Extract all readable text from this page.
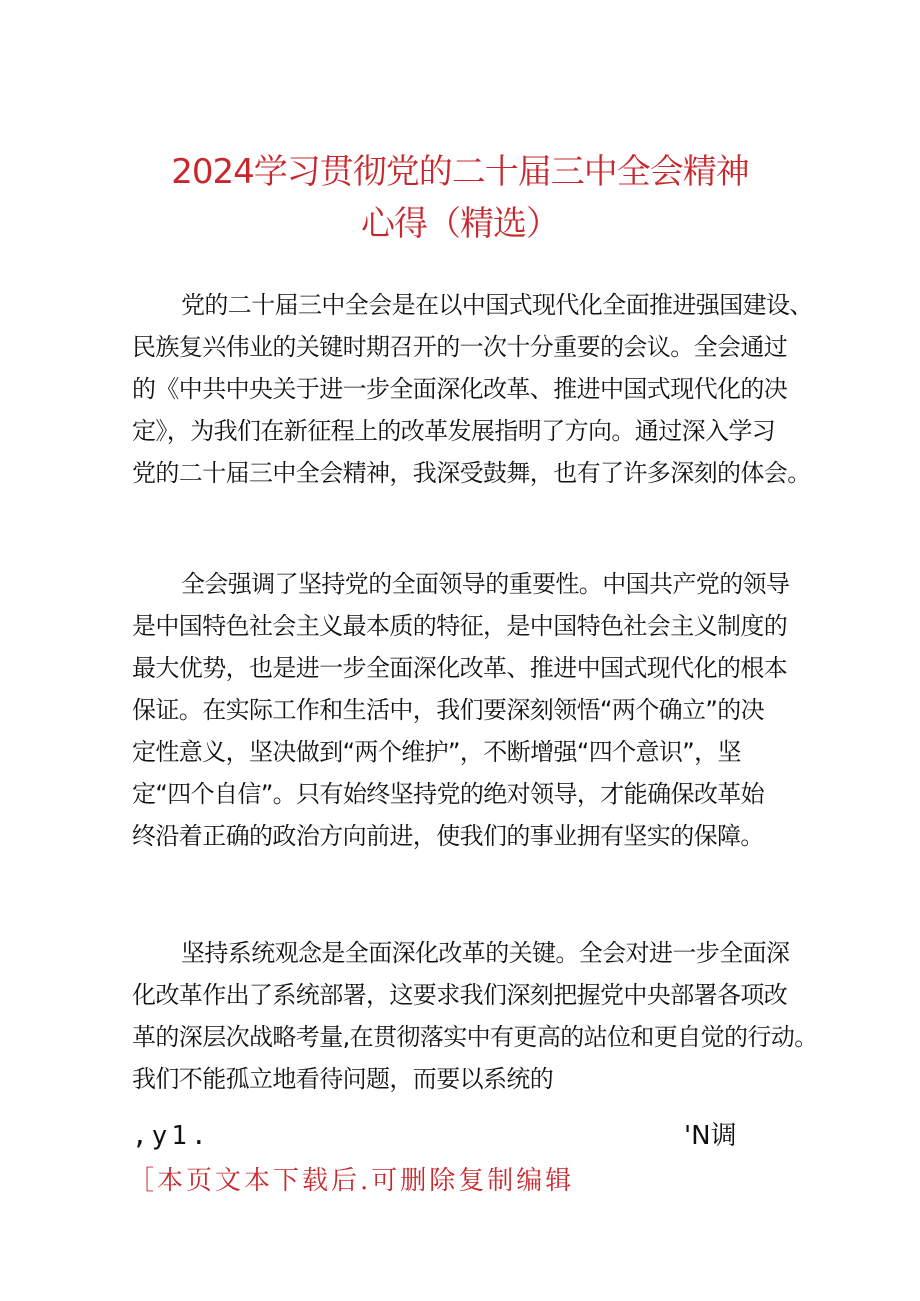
2024学习贯彻党的二十届三中全会精神
心得（精选）
党的二十届三中全会是在以中国式现代化全面推进强国建设、
民族复兴伟业的关键时期召开的一次十分重要的会议。全会通过
的《中共中央关于进一步全面深化改革、推进中国式现代化的决
定》，为我们在新征程上的改革发展指明了方向。通过深入学习
党的二十届三中全会精神，我深受鼓舞，也有了许多深刻的体会。
全会强调了坚持党的全面领导的重要性。中国共产党的领导
是中国特色社会主义最本质的特征，是中国特色社会主义制度的
最大优势，也是进一步全面深化改革、推进中国式现代化的根本
保证。在实际工作和生活中，我们要深刻领悟“两个确立”的决
定性意义，坚决做到“两个维护”，不断增强“四个意识”，坚
定“四个自信”。只有始终坚持党的绝对领导，才能确保改革始
终沿着正确的政治方向前进，使我们的事业拥有坚实的保障。
坚持系统观念是全面深化改革的关键。全会对进一步全面深
化改革作出了系统部署，这要求我们深刻把握党中央部署各项改
革的深层次战略考量,在贯彻落实中有更高的站位和更自觉的行动。
我们不能孤立地看待问题，而要以系统的
,y1.	'N调
［本页文本下载后.可删除复制编辑
